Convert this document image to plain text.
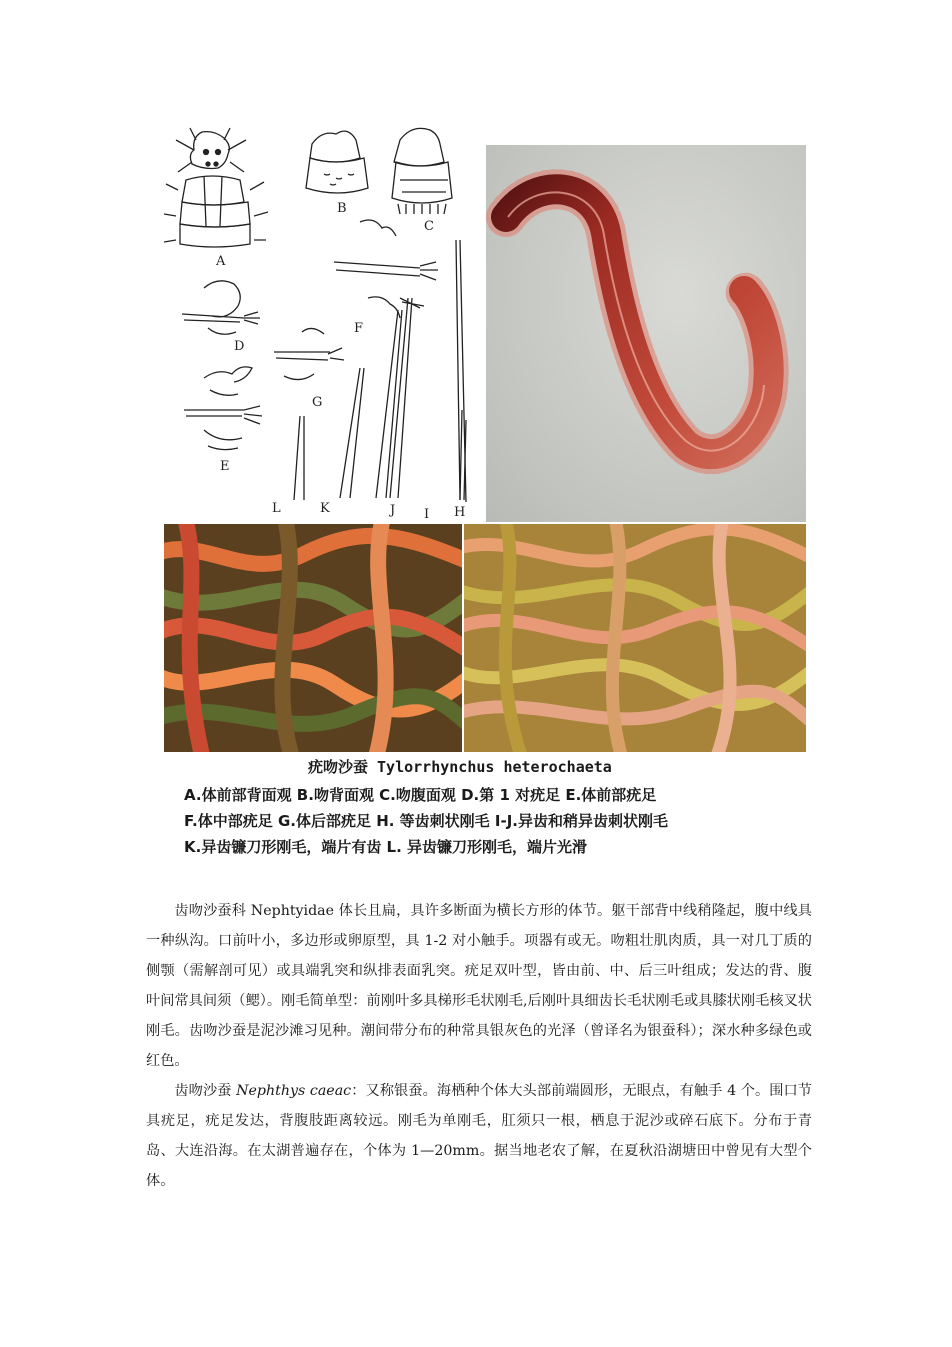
A
B
C
D
E
F
G
H
I
J
K
L
疣吻沙蚕 Tylorrhynchus heterochaeta
A.体前部背面观 B.吻背面观 C.吻腹面观 D.第 1 对疣足 E.体前部疣足
F.体中部疣足 G.体后部疣足 H. 等齿刺状刚毛 I-J.异齿和稍异齿刺状刚毛
K.异齿镰刀形刚毛，端片有齿 L. 异齿镰刀形刚毛，端片光滑

齿吻沙蚕科 Nephtyidae 体长且扁，具许多断面为横长方形的体节。躯干部背中线稍隆起，腹中线具一种纵沟。口前叶小，多边形或卵原型，具 1-2 对小触手。项器有或无。吻粗壮肌肉质，具一对几丁质的侧颚（需解剖可见）或具端乳突和纵排表面乳突。疣足双叶型，皆由前、中、后三叶组成；发达的背、腹叶间常具间须（鳃）。刚毛简单型：前刚叶多具梯形毛状刚毛,后刚叶具细齿长毛状刚毛或具膝状刚毛核叉状刚毛。齿吻沙蚕是泥沙滩习见种。潮间带分布的种常具银灰色的光泽（曾译名为银蚕科）；深水种多绿色或红色。

齿吻沙蚕 Nephthys caeac：又称银蚕。海栖种个体大头部前端圆形，无眼点，有触手 4 个。围口节具疣足，疣足发达，背腹肢距离较远。刚毛为单刚毛，肛须只一根，栖息于泥沙或碎石底下。分布于青岛、大连沿海。在太湖普遍存在，个体为 1—20mm。据当地老农了解，在夏秋沿湖塘田中曾见有大型个体。
